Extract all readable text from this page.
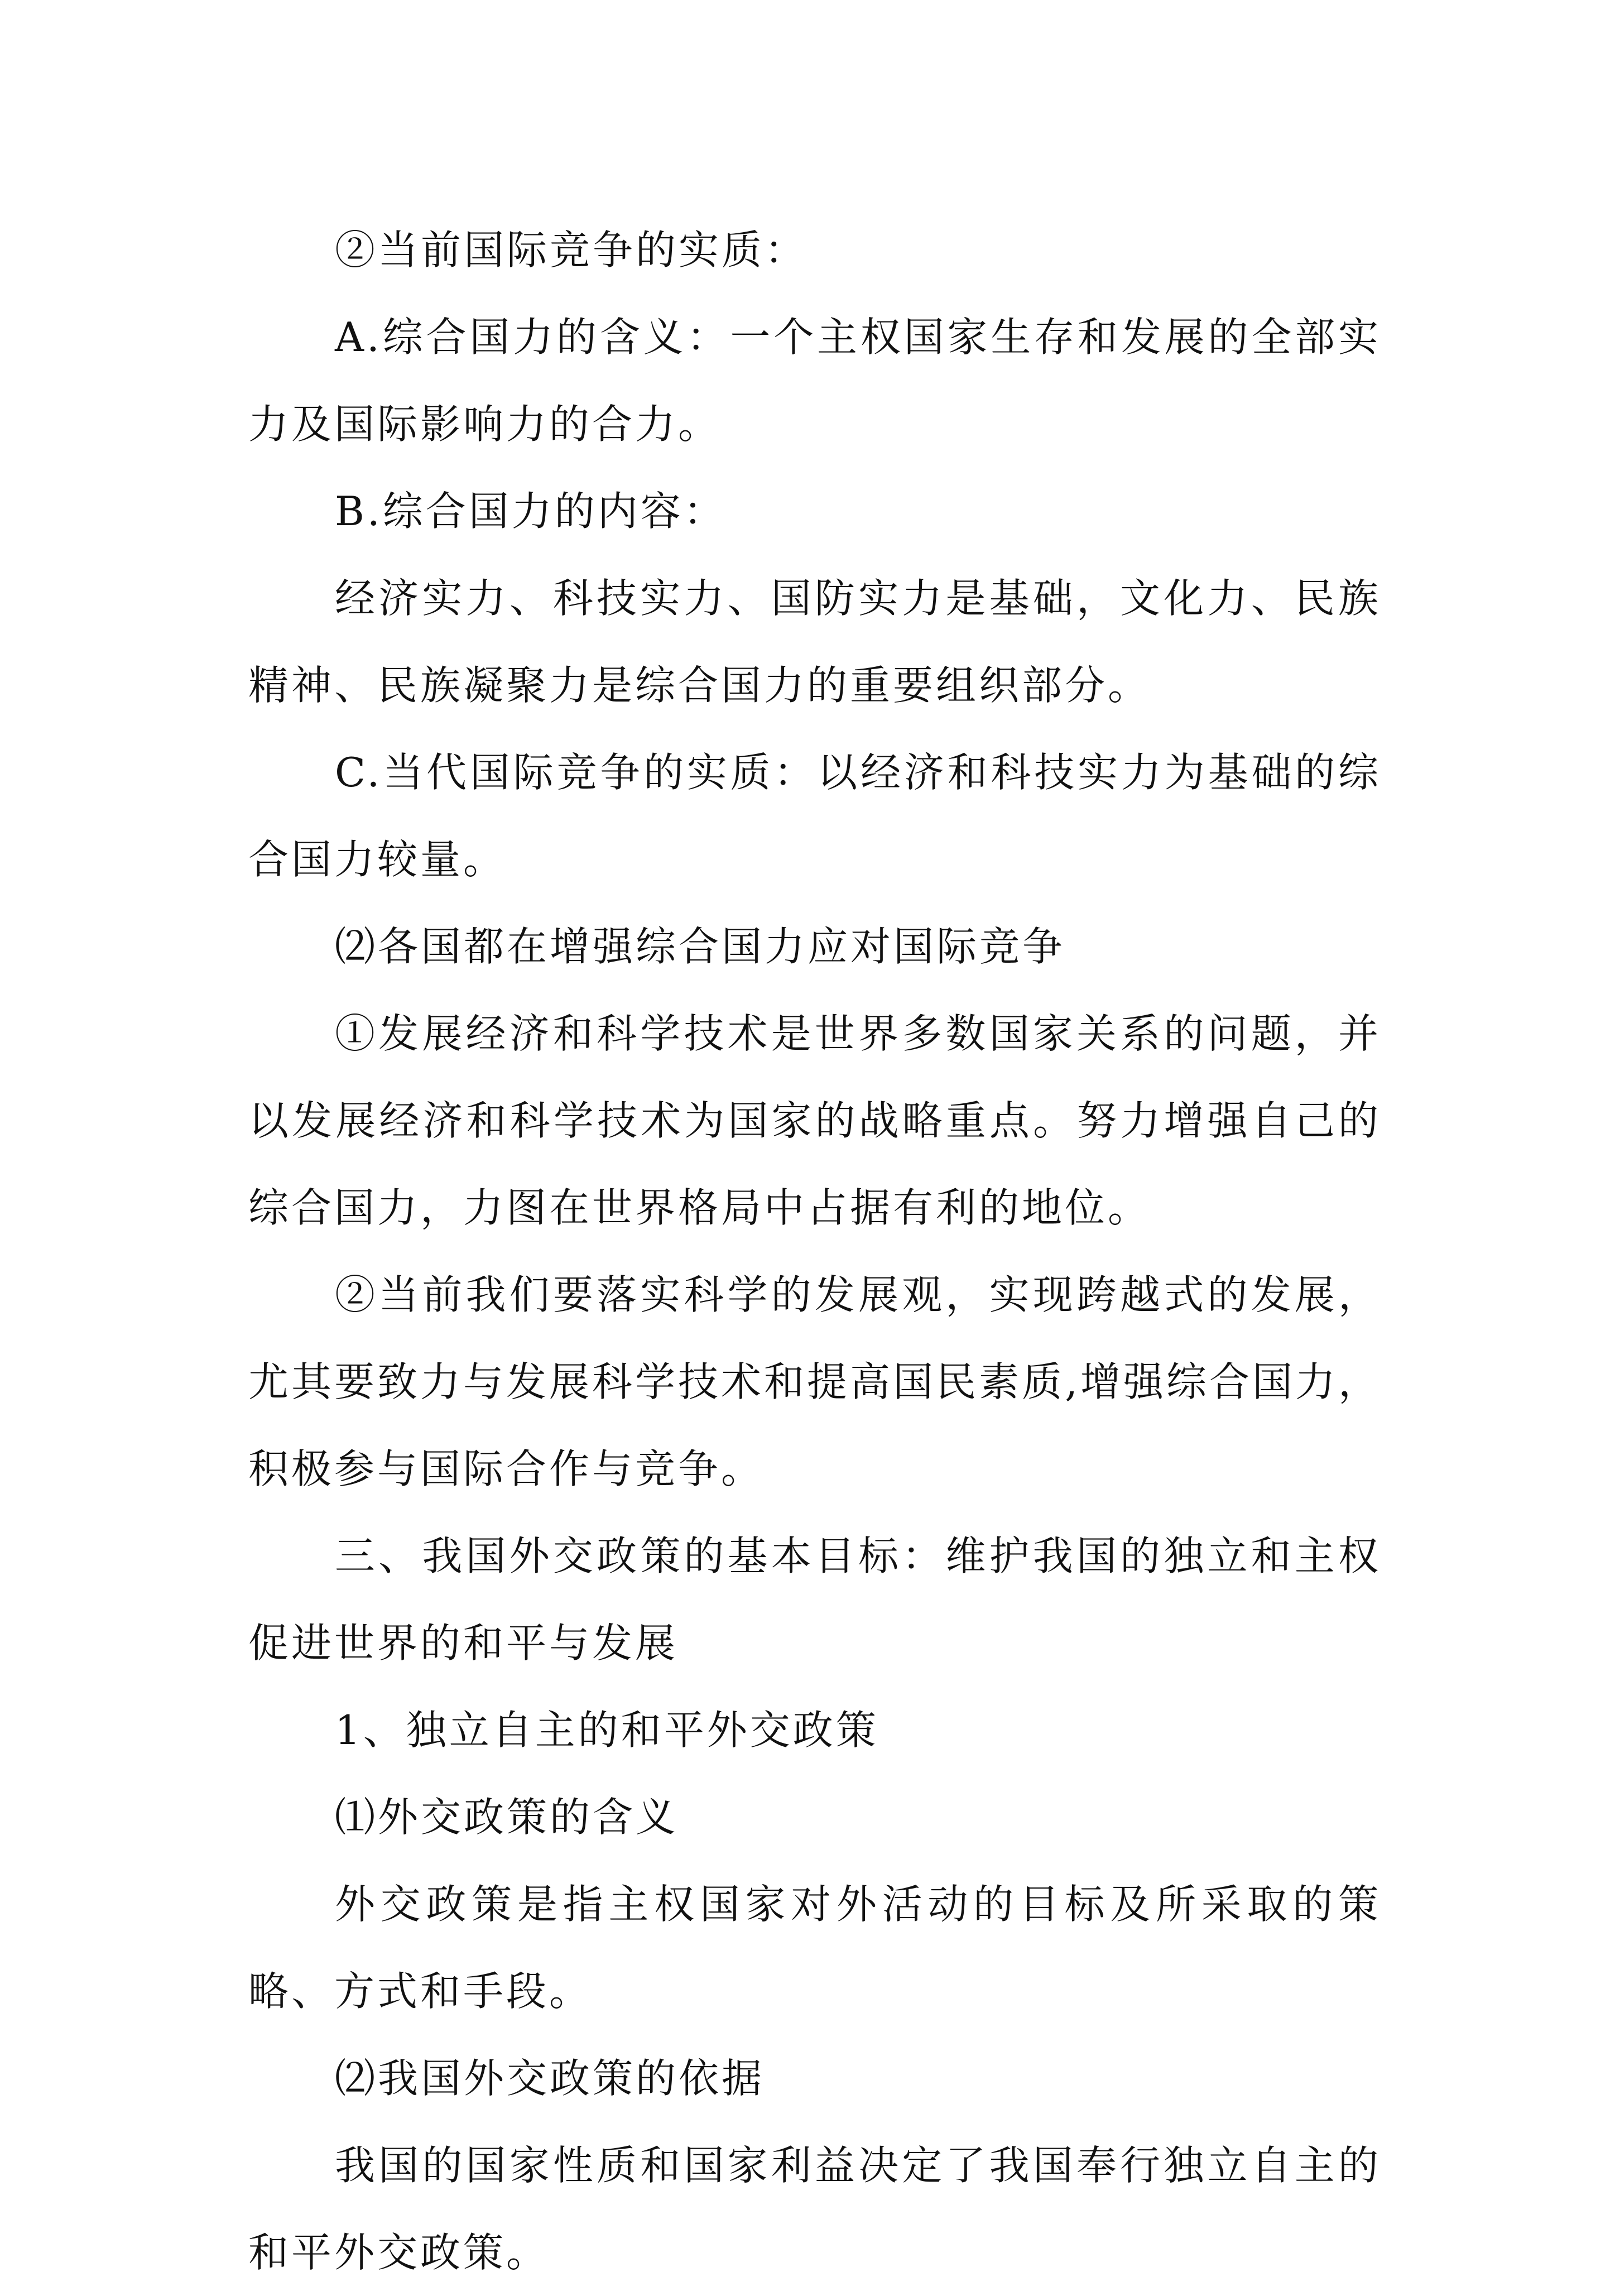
②当前国际竞争的实质：

A.综合国力的含义：一个主权国家生存和发展的全部实力及国际影响力的合力。

B.综合国力的内容：

经济实力、科技实力、国防实力是基础，文化力、民族精神、民族凝聚力是综合国力的重要组织部分。

C.当代国际竞争的实质：以经济和科技实力为基础的综合国力较量。

⑵各国都在增强综合国力应对国际竞争

①发展经济和科学技术是世界多数国家关系的问题，并以发展经济和科学技术为国家的战略重点。努力增强自己的综合国力，力图在世界格局中占据有利的地位。

②当前我们要落实科学的发展观，实现跨越式的发展，尤其要致力与发展科学技术和提高国民素质,增强综合国力，积极参与国际合作与竞争。

三、我国外交政策的基本目标：维护我国的独立和主权促进世界的和平与发展

1、独立自主的和平外交政策

⑴外交政策的含义

外交政策是指主权国家对外活动的目标及所采取的策略、方式和手段。

⑵我国外交政策的依据

我国的国家性质和国家利益决定了我国奉行独立自主的和平外交政策。
